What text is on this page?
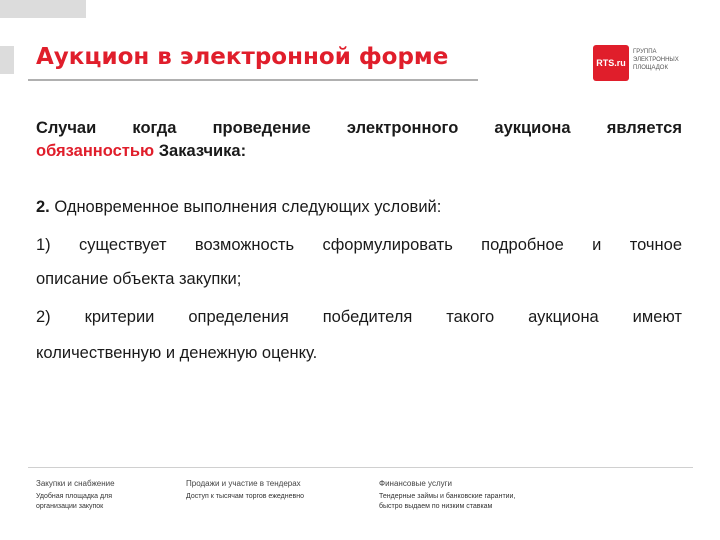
Аукцион в электронной форме	RTS.ru
ГРУППА
ЭЛЕКТРОННЫХ
ПЛОЩАДОК
Случаи когда проведение электронного аукциона является
обязанностью Заказчика:
2. Одновременное выполнения следующих условий:
1) существует возможность сформулировать подробное и точное
описание объекта закупки;
2) критерии определения победителя такого аукциона имеют
количественную и денежную оценку.
Закупки и снабжение
Удобная площадка для
организации закупок
Продажи и участие в тендерах
Доступ к тысячам торгов ежедневно
Финансовые услуги
Тендерные займы и банковские гарантии,
быстро выдаем по низким ставкам
